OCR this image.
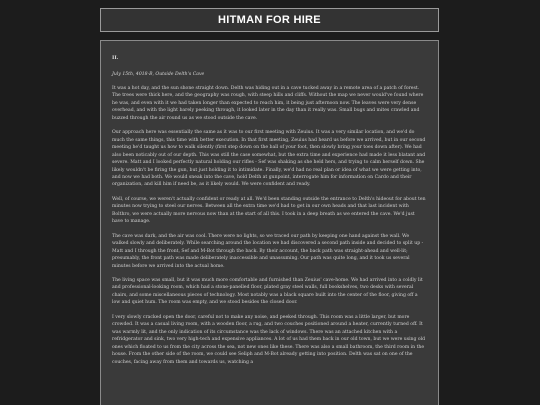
HITMAN FOR HIRE
II.
July 15th, 4018-B, Outside Delth's Cave

It was a hot day, and the sun shone straight down. Delth was hiding out in a cave tucked away in a remote area of a patch of forest. The trees were thick here, and the geography was rough, with steep hills and cliffs. Without the map we never would've found where he was, and even with it we had taken longer than expected to reach him, it being just afternoon now. The leaves were very dense overhead, and with the light barely peeking through, it looked later in the day than it really was. Small bugs and mites crawled and buzzed through the air round us as we stood outside the cave.

Our approach here was essentially the same as it was to our first meeting with Zeuius. It was a very similar location, and we'd do much the same things, this time with better execution. In that first meeting, Zeuius had heard us before we arrived, but in our second meeting he'd taught us how to walk silently (first step down on the ball of your foot, then slowly bring your toes down after). We had also been noticably out of our depth. This was still the case somewhat, but the extra time and experience had made it less blatant and severe. Matt and I looked perfectly natural holding our rifles - Sef was shaking as she held hers, and trying to calm herself down. She likely wouldn't be firing the gun, but just holding it to intimidate. Finally, we'd had no real plan or idea of what we were getting into, and now we had both. We would sneak into the cave, hold Delth at gunpoint, interrogate him for information on Cardo and their organization, and kill him if need be, as it likely would. We were confident and ready.

Well, of course, we weren't actually confident or ready at all. We'd been standing outside the entrance to Delth's hideout for about ten minutes now trying to steel our nerves. Between all the extra time we'd had to get in our own heads and that last incident with Bolthro, we were actually more nervous now than at the start of all this. I took in a deep breath as we entered the cave. We'd just have to manage.

The cave was dark, and the air was cool. There were no lights, so we traced our path by keeping one hand against the wall. We walked slowly and deliberately. While searching around the location we had discovered a second path inside and decided to split up - Matt and I through the front, Sef and M-Bot through the back. By their account, the back path was straight-ahead and well-lit; presumably, the front path was made deliberately inaccessible and unassuming. Our path was quite long, and it took us several minutes before we arrived into the actual home.

The living space was small, but it was much more comfortable and furnished than Zeuius' cave-home. We had arrived into a coldly lit and professional-looking room, which had a stone-panelled floor, plated gray steel walls, full bookshelves, two desks with several chairs, and some miscellaneous pieces of technology. Most notably was a black square built into the center of the floor, giving off a low and quiet hum. The room was empty, and we stood besides the closed door.

I very slowly cracked open the door, careful not to make any noise, and peeked through. This room was a little larger, but more crowded. It was a casual living room, with a wooden floor, a rug, and two couches positioned around a heater, currently turned off. It was warmly lit, and the only indication of its circumstance was the lack of windows. There was an attached kitchen with a refridgerator and sink, two very high-tech and expensive appliances. A lot of us had them back in our old town, but we were using old ones which floated to us from the city across the sea, not new ones like these. There was also a small bathroom, the third room in the house. From the other side of the room, we could see Seliph and M-Bot already getting into position. Delth was sat on one of the couches, facing away from them and towards us, watching a
